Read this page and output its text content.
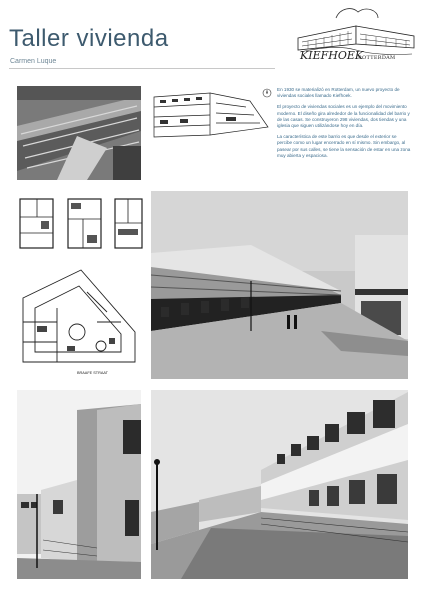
Taller vivienda
Carmen Luque	KIEFHOEK
ROTTERDAM

En 1930 se materializó en Rotterdam, un nuevo proyecto de viviendas sociales llamado Kiefhoek.

El proyecto de viviendas sociales es un ejemplo del movimiento moderno. El diseño gira alrededor de la funcionalidad del barrio y de las casas. Se construyeron 298 viviendas, dos tiendas y una iglesia que siguen utilizándose hoy en día.

La característica de este barrio es que desde el exterior se percibe como un lugar encerrado en sí mismo. Sin embargo, al pasear por sus calles, se tiene la sensación de estar en una zona muy abierta y espaciosa.

BRAAFE STRAAT
